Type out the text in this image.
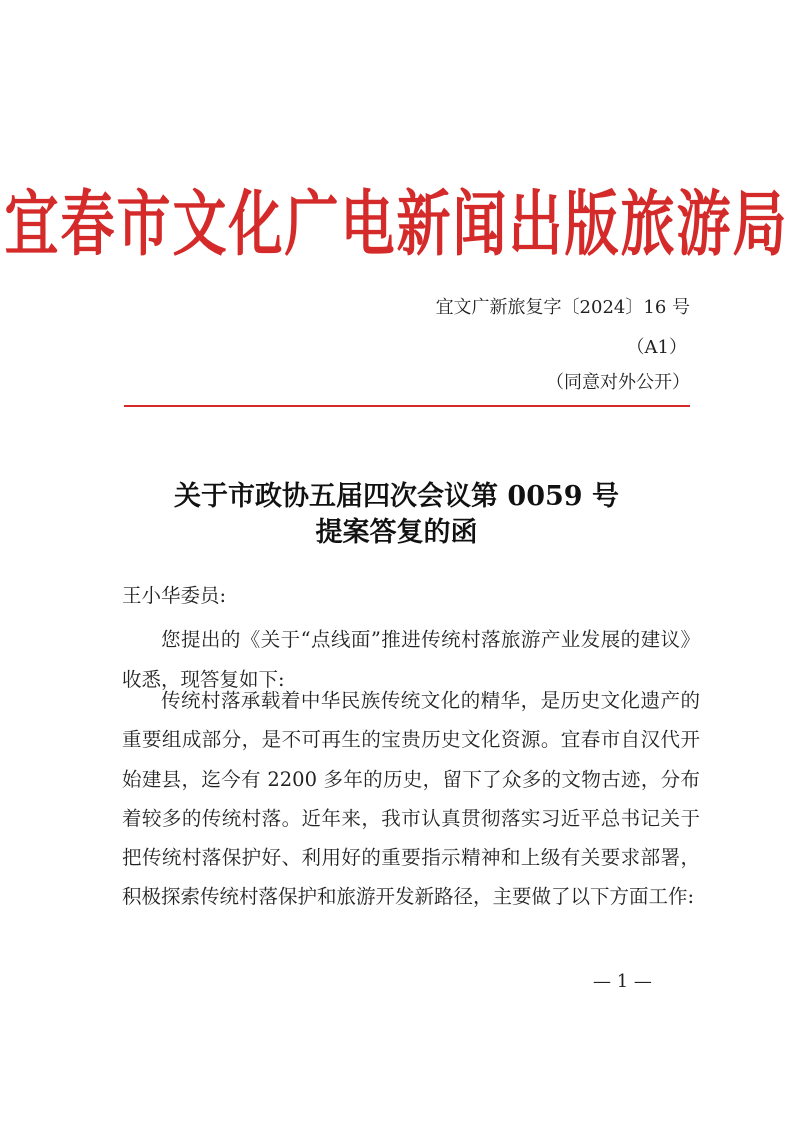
宜春市文化广电新闻出版旅游局
宜文广新旅复字〔2024〕16 号
（A1）
（同意对外公开）
关于市政协五届四次会议第 0059 号
提案答复的函
王小华委员:

您提出的《关于“点线面”推进传统村落旅游产业发展的建议》收悉，现答复如下:

传统村落承载着中华民族传统文化的精华，是历史文化遗产的重要组成部分，是不可再生的宝贵历史文化资源。宜春市自汉代开始建县，迄今有 2200 多年的历史，留下了众多的文物古迹，分布着较多的传统村落。近年来，我市认真贯彻落实习近平总书记关于把传统村落保护好、利用好的重要指示精神和上级有关要求部署，积极探索传统村落保护和旅游开发新路径，主要做了以下方面工作:

— 1 —
